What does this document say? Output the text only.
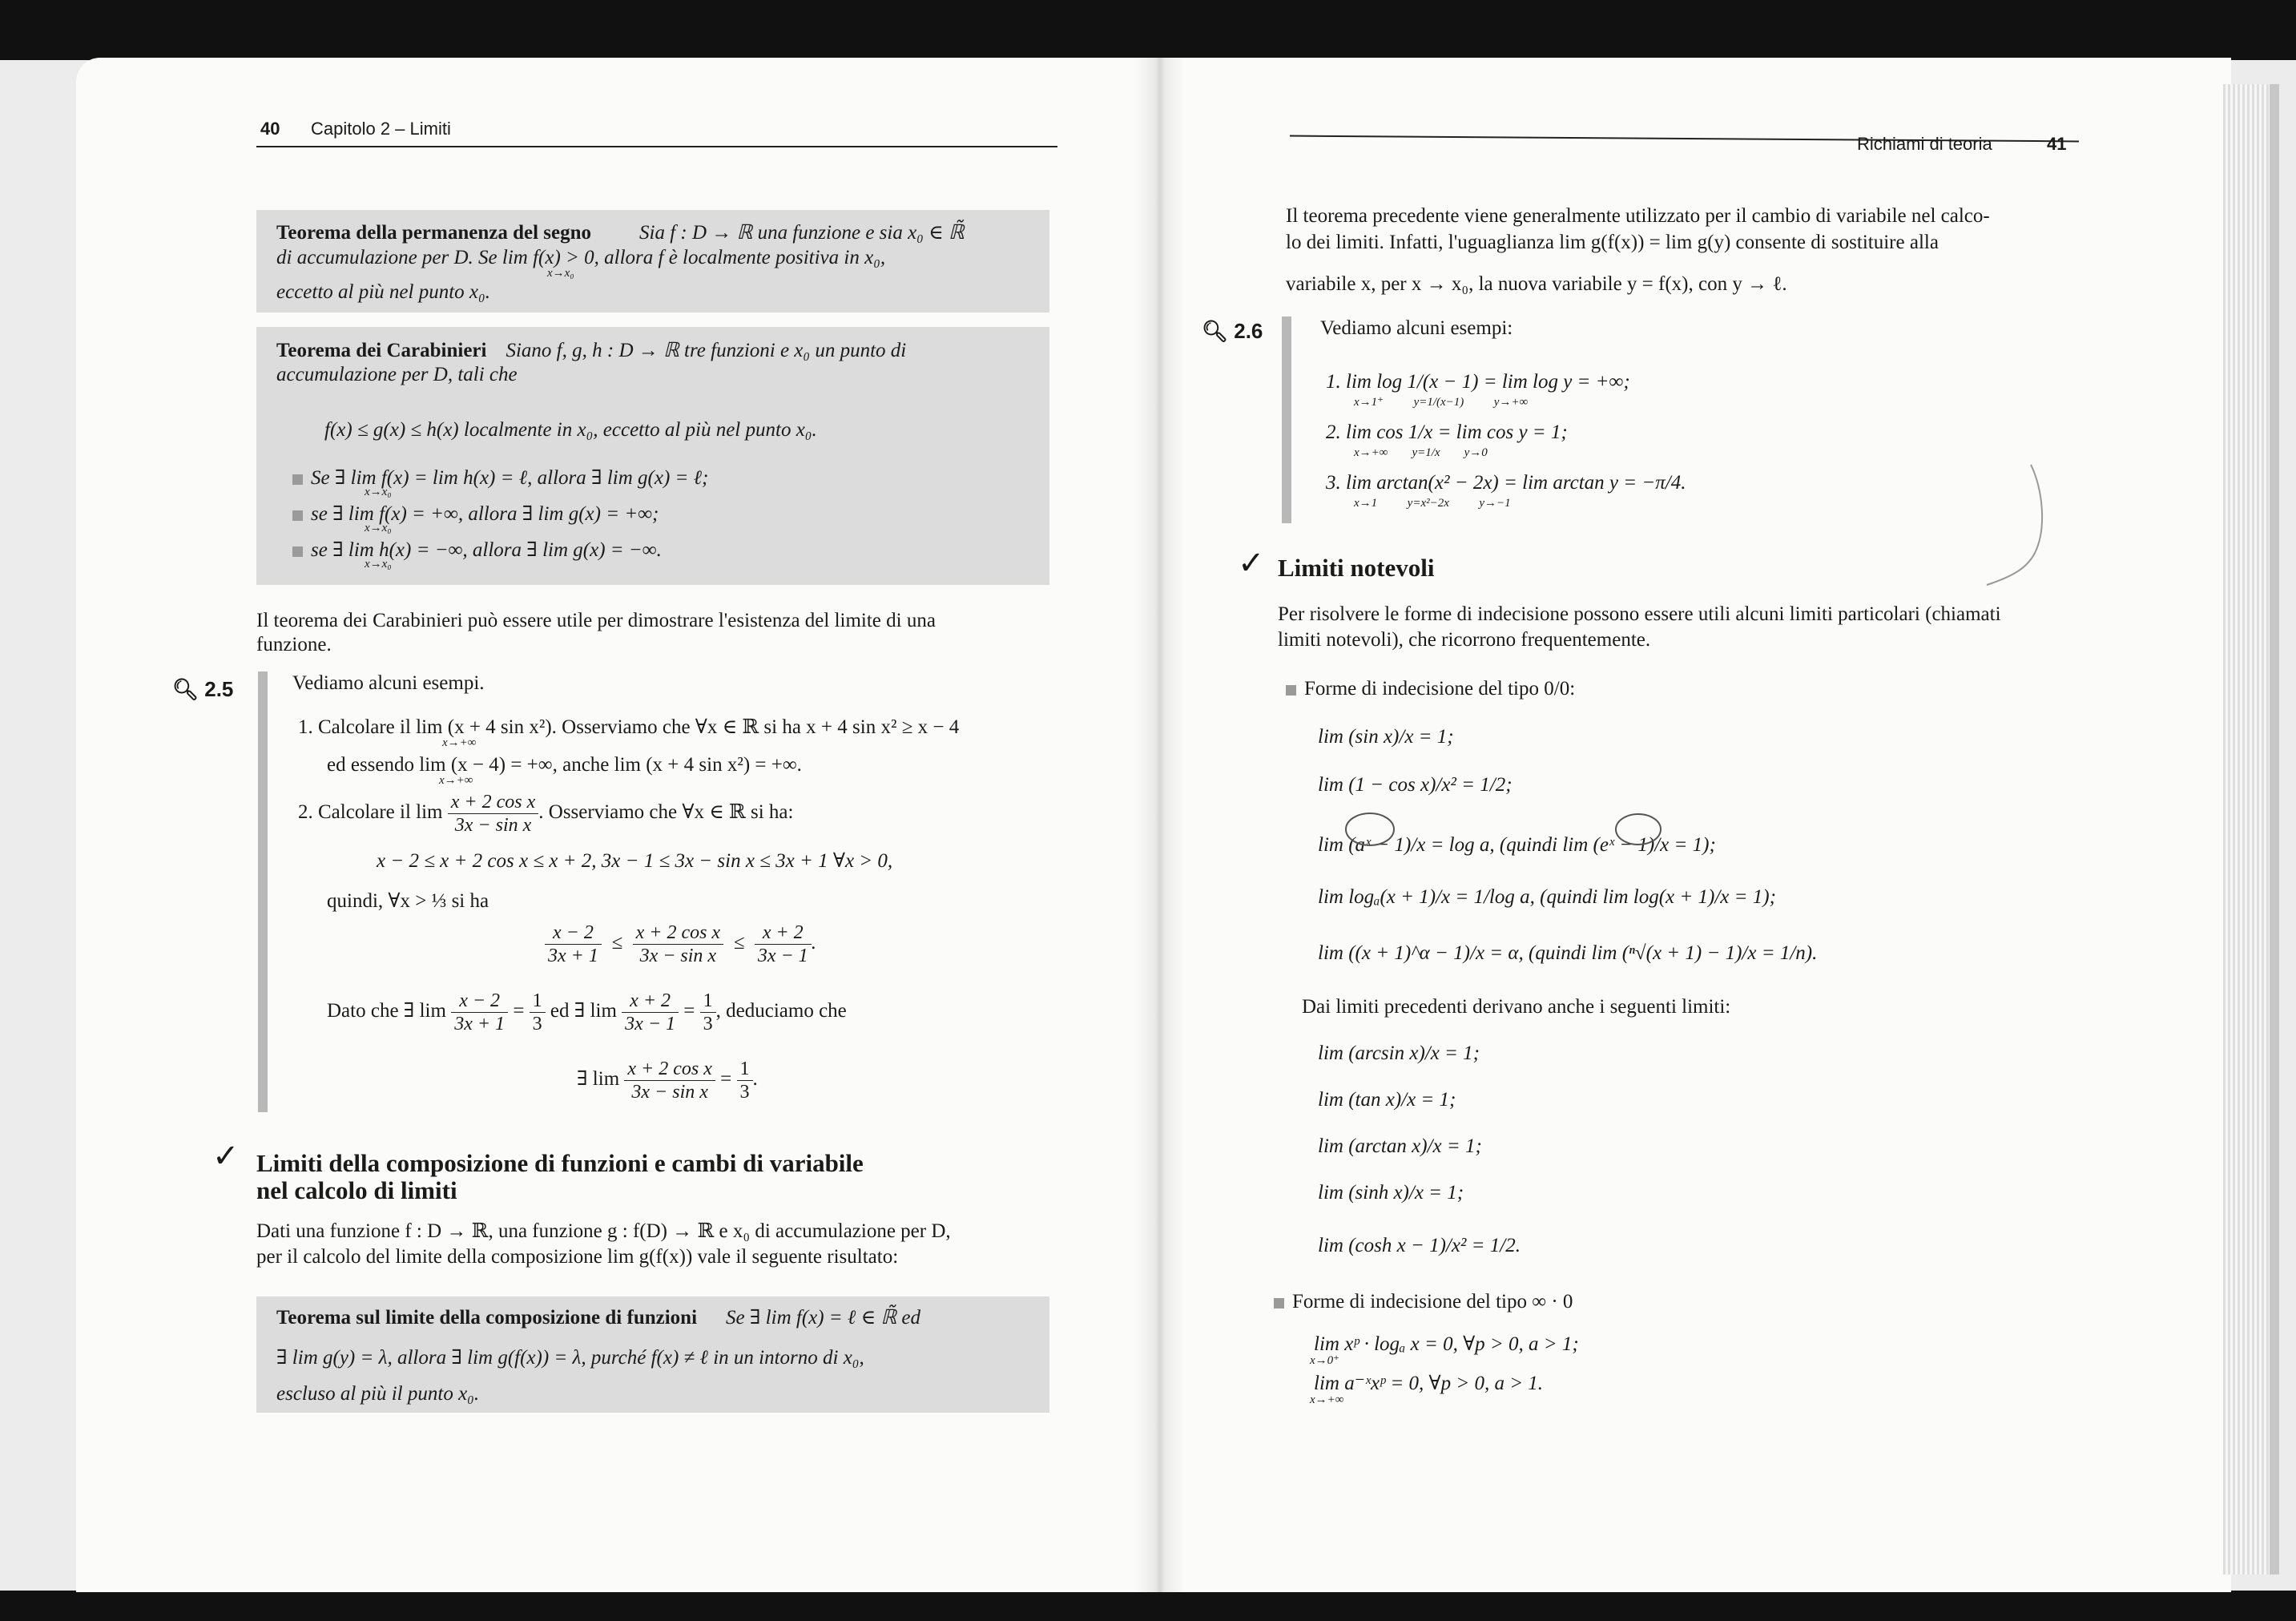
40 Capitolo 2 – Limiti
Teorema della permanenza del segno Sia f : D → ℝ una funzione e sia x₀ ∈ ℝ̃
di accumulazione per D. Se lim f(x) > 0, allora f è localmente positiva in x₀,
x→x₀
eccetto al più nel punto x₀.
Teorema dei Carabinieri Siano f, g, h : D → ℝ tre funzioni e x₀ un punto di
accumulazione per D, tali che
f(x) ≤ g(x) ≤ h(x) localmente in x₀, eccetto al più nel punto x₀.
Se ∃ lim f(x) = lim h(x) = ℓ, allora ∃ lim g(x) = ℓ;
x→x₀
se ∃ lim f(x) = +∞, allora ∃ lim g(x) = +∞;
x→x₀
se ∃ lim h(x) = −∞, allora ∃ lim g(x) = −∞.
x→x₀
Il teorema dei Carabinieri può essere utile per dimostrare l'esistenza del limite di una
funzione.
🔍︎ 2.5	Vediamo alcuni esempi.
1. Calcolare il lim (x + 4 sin x²). Osserviamo che ∀x ∈ ℝ si ha x + 4 sin x² ≥ x − 4
x→+∞
ed essendo lim (x − 4) = +∞, anche lim (x + 4 sin x²) = +∞.
x→+∞
2. Calcolare il $\lim \frac{\text{x + 2 cos x}}{\text{3x − sin x}}$ . Osserviamo che ∀x ∈ ℝ si ha:
x − 2 ≤ x + 2 cos x ≤ x + 2, 3x − 1 ≤ 3x − sin x ≤ 3x + 1 ∀x > 0,
quindi, ∀x > ⅓ si ha
$\frac{x - 2}{3x + 1} \le \frac{\text{x + 2 cos x}}{\text{3x − sin x}} \le \frac{x + 2}{3x - 1}$ .
Dato che ∃ $\lim \frac{x - 2}{3x + 1} = \frac{1}{3}$ ed ∃ $\lim \frac{x + 2}{3x - 1} = \frac{1}{3}$ , deduciamo che
∃ $\lim \frac{\text{x + 2 cos x}}{\text{3x − sin x}} = \frac{1}{3}$ .
✓ Limiti della composizione di funzioni e cambi di variabile
nel calcolo di limiti
Dati una funzione f : D → ℝ, una funzione g : f(D) → ℝ e x₀ di accumulazione per D,
per il calcolo del limite della composizione lim g(f(x)) vale il seguente risultato:
Teorema sul limite della composizione di funzioni Se ∃ lim f(x) = ℓ ∈ ℝ̃ ed
∃ lim g(y) = λ, allora ∃ lim g(f(x)) = λ, purché f(x) ≠ ℓ in un intorno di x₀,
escluso al più il punto x₀.
Richiami di teoria	41
Il teorema precedente viene generalmente utilizzato per il cambio di variabile nel calco-
lo dei limiti. Infatti, l'uguaglianza lim g(f(x)) = lim g(y) consente di sostituire alla
variabile x, per x → x₀, la nuova variabile y = f(x), con y → ℓ.
🔍︎ 2.6	Vediamo alcuni esempi:
1. lim log 1/(x − 1) = lim log y = +∞;
x→1⁺          y=1/(x−1)          y→+∞
2. lim cos 1/x = lim cos y = 1;
x→+∞        y=1/x        y→0
3. lim arctan(x² − 2x) = lim arctan y = −π/4.
x→1          y=x²−2x          y→−1
✓ Limiti notevoli
Per risolvere le forme di indecisione possono essere utili alcuni limiti particolari (chiamati
limiti notevoli), che ricorrono frequentemente.
Forme di indecisione del tipo 0/0:
lim (sin x)/x = 1;
lim (1 − cos x)/x² = 1/2;
lim (aˣ − 1)/x = log a, (quindi lim (eˣ − 1)/x = 1);
lim logₐ(x + 1)/x = 1/log a, (quindi lim log(x + 1)/x = 1);
lim ((x + 1)^α − 1)/x = α, (quindi lim (ⁿ√(x + 1) − 1)/x = 1/n).
Dai limiti precedenti derivano anche i seguenti limiti:
lim (arcsin x)/x = 1;
lim (tan x)/x = 1;
lim (arctan x)/x = 1;
lim (sinh x)/x = 1;
lim (cosh x − 1)/x² = 1/2.
Forme di indecisione del tipo ∞ · 0
lim xᵖ · logₐ x = 0, ∀p > 0, a > 1;
x→0⁺
lim a⁻ˣxᵖ = 0, ∀p > 0, a > 1.
x→+∞
